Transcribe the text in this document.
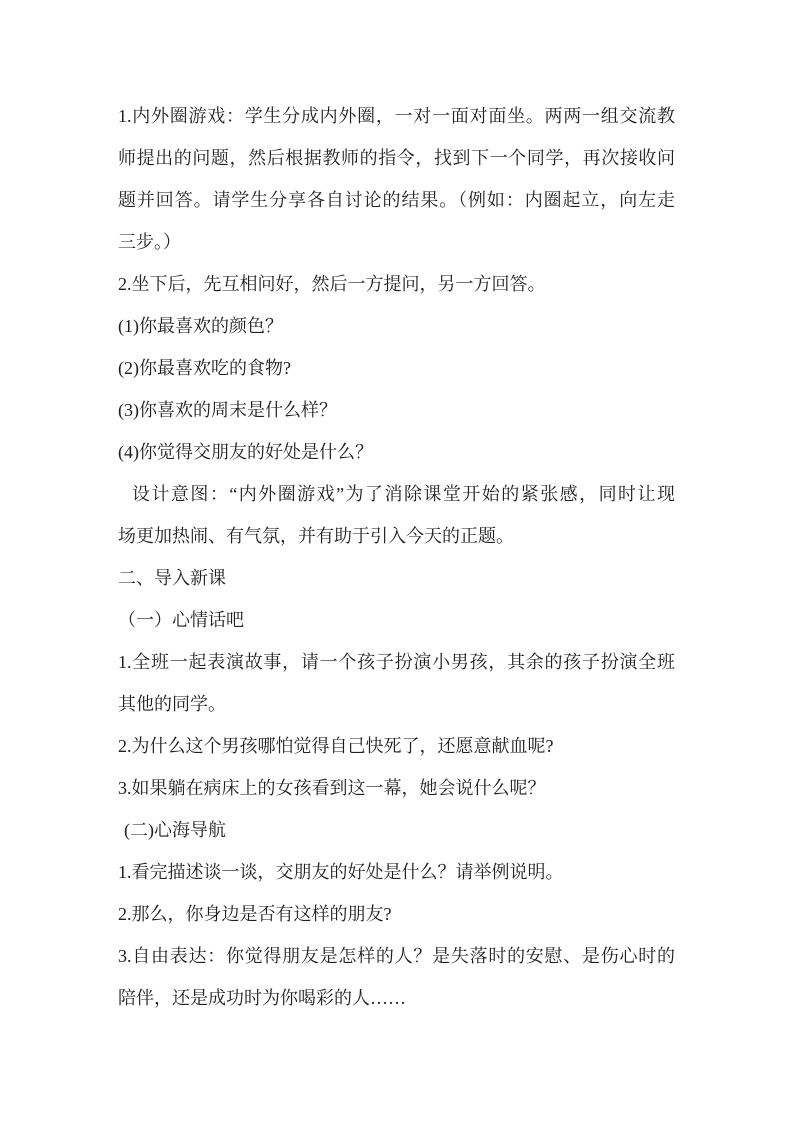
1.内外圈游戏：学生分成内外圈，一对一面对面坐。两两一组交流教
师提出的问题，然后根据教师的指令，找到下一个同学，再次接收问
题并回答。请学生分享各自讨论的结果。（例如：内圈起立，向左走
三步。）
2.坐下后，先互相问好，然后一方提问，另一方回答。
(1)你最喜欢的颜色？
(2)你最喜欢吃的食物?
(3)你喜欢的周末是什么样？
(4)你觉得交朋友的好处是什么？
设计意图：“内外圈游戏”为了消除课堂开始的紧张感，同时让现
场更加热闹、有气氛，并有助于引入今天的正题。
二、导入新课
（一）心情话吧
1.全班一起表演故事，请一个孩子扮演小男孩，其余的孩子扮演全班
其他的同学。
2.为什么这个男孩哪怕觉得自己快死了，还愿意献血呢?
3.如果躺在病床上的女孩看到这一幕，她会说什么呢？
(二)心海导航
1.看完描述谈一谈，交朋友的好处是什么？请举例说明。
2.那么，你身边是否有这样的朋友?
3.自由表达：你觉得朋友是怎样的人？是失落时的安慰、是伤心时的
陪伴，还是成功时为你喝彩的人……
